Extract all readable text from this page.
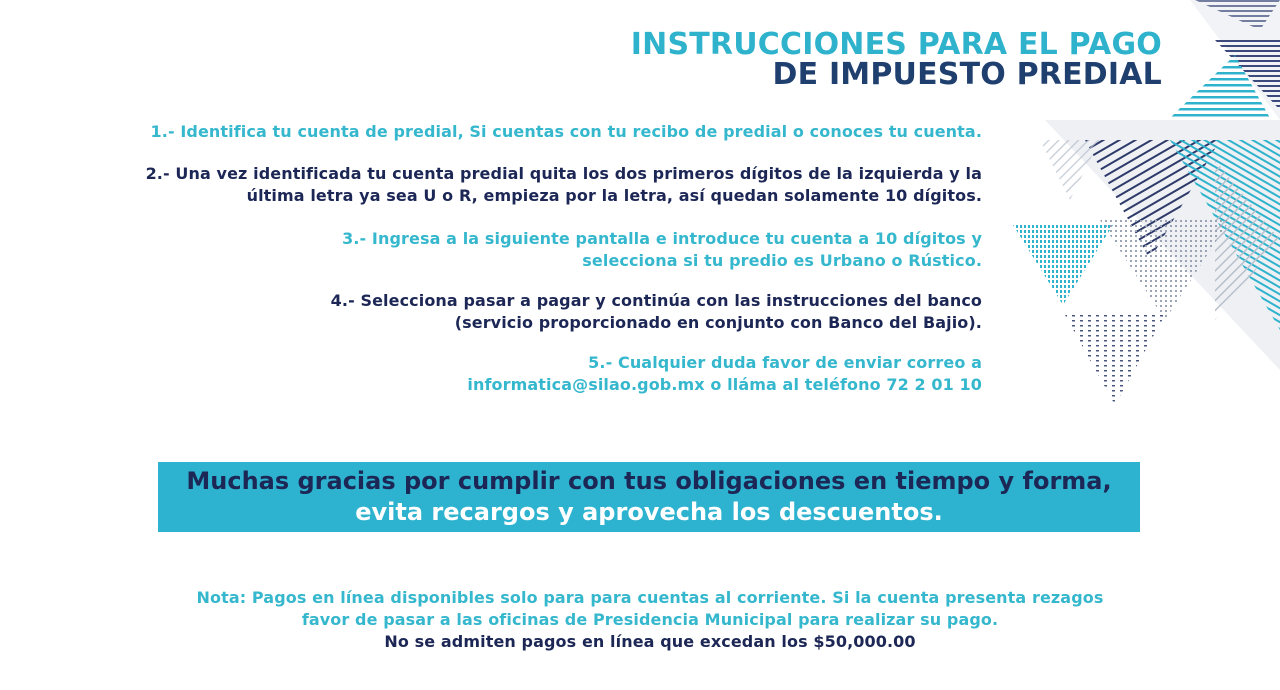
INSTRUCCIONES PARA EL PAGO
DE IMPUESTO PREDIAL
1.- Identifica tu cuenta de predial, Si cuentas con tu recibo de predial o conoces tu cuenta.
2.- Una vez identificada tu cuenta predial quita los dos primeros dígitos de la izquierda y la
última letra ya sea U o R, empieza por la letra, así quedan solamente 10 dígitos.
3.- Ingresa a la siguiente pantalla e introduce tu cuenta a 10 dígitos y
selecciona si tu predio es Urbano o Rústico.
4.- Selecciona pasar a pagar y continúa con las instrucciones del banco
(servicio proporcionado en conjunto con Banco del Bajio).
5.- Cualquier duda favor de enviar correo a
informatica@silao.gob.mx o lláma al teléfono 72 2 01 10
Muchas gracias por cumplir con tus obligaciones en tiempo y forma,
evita recargos y aprovecha los descuentos.
Nota: Pagos en línea disponibles solo para para cuentas al corriente. Si la cuenta presenta rezagos
favor de pasar a las oficinas de Presidencia Municipal para realizar su pago.
No se admiten pagos en línea que excedan los $50,000.00
